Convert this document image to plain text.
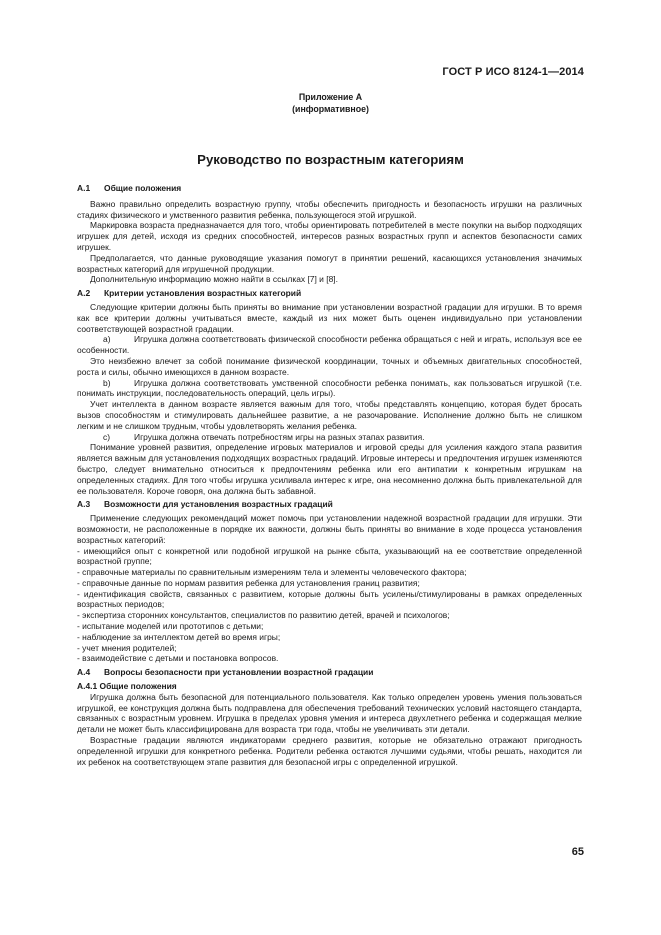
ГОСТ Р ИСО 8124-1—2014
Приложение А
(информативное)
Руководство по возрастным категориям

А.1 Общие положения

Важно правильно определить возрастную группу, чтобы обеспечить пригодность и безопасность игрушки на различных стадиях физического и умственного развития ребенка, пользующегося этой игрушкой.

Маркировка возраста предназначается для того, чтобы ориентировать потребителей в месте покупки на выбор подходящих игрушек для детей, исходя из средних способностей, интересов разных возрастных групп и аспектов безопасности самих игрушек.

Предполагается, что данные руководящие указания помогут в принятии решений, касающихся установления значимых возрастных категорий для игрушечной продукции.

Дополнительную информацию можно найти в ссылках [7] и [8].

А.2 Критерии установления возрастных категорий

Следующие критерии должны быть приняты во внимание при установлении возрастной градации для игрушки. В то время как все критерии должны учитываться вместе, каждый из них может быть оценен индивидуально при установлении соответствующей возрастной градации.

а)	Игрушка должна соответствовать физической способности ребенка обращаться с ней и играть, используя все ее особенности.

Это неизбежно влечет за собой понимание физической координации, точных и объемных двигательных способностей, роста и силы, обычно имеющихся в данном возрасте.

b)	Игрушка должна соответствовать умственной способности ребенка понимать, как пользоваться игрушкой (т.е. понимать инструкции, последовательность операций, цель игры).

Учет интеллекта в данном возрасте является важным для того, чтобы представлять концепцию, которая будет бросать вызов способностям и стимулировать дальнейшее развитие, а не разочарование. Исполнение должно быть не слишком легким и не слишком трудным, чтобы удовлетворять желания ребенка.

с)	Игрушка должна отвечать потребностям игры на разных этапах развития.

Понимание уровней развития, определение игровых материалов и игровой среды для усиления каждого этапа развития является важным для установления подходящих возрастных градаций. Игровые интересы и предпочтения игрушек изменяются быстро, следует внимательно относиться к предпочтениям ребенка или его антипатии к конкретным игрушкам на определенных стадиях. Для того чтобы игрушка усиливала интерес к игре, она несомненно должна быть привлекательной для ее пользователя. Короче говоря, она должна быть забавной.

А.3 Возможности для установления возрастных градаций

Применение следующих рекомендаций может помочь при установлении надежной возрастной градации для игрушки. Эти возможности, не расположенные в порядке их важности, должны быть приняты во внимание в ходе процесса установления возрастных категорий:

- имеющийся опыт с конкретной или подобной игрушкой на рынке сбыта, указывающий на ее соответствие определенной возрастной группе;

- справочные материалы по сравнительным измерениям тела и элементы человеческого фактора;

- справочные данные по нормам развития ребенка для установления границ развития;

- идентификация свойств, связанных с развитием, которые должны быть усилены/стимулированы в рамках определенных возрастных периодов;

- экспертиза сторонних консультантов, специалистов по развитию детей, врачей и психологов;

- испытание моделей или прототипов с детьми;

- наблюдение за интеллектом детей во время игры;

- учет мнения родителей;

- взаимодействие с детьми и постановка вопросов.

А.4 Вопросы безопасности при установлении возрастной градации

А.4.1 Общие положения

Игрушка должна быть безопасной для потенциального пользователя. Как только определен уровень умения пользоваться игрушкой, ее конструкция должна быть подправлена для обеспечения требований технических условий настоящего стандарта, связанных с возрастным уровнем. Игрушка в пределах уровня умения и интереса двухлетнего ребенка и содержащая мелкие детали не может быть классифицирована для возраста три года, чтобы не увеличивать эти детали.

Возрастные градации являются индикаторами среднего развития, которые не обязательно отражают пригодность определенной игрушки для конкретного ребенка. Родители ребенка остаются лучшими судьями, чтобы решать, находится ли их ребенок на соответствующем этапе развития для безопасной игры с определенной игрушкой.

65
